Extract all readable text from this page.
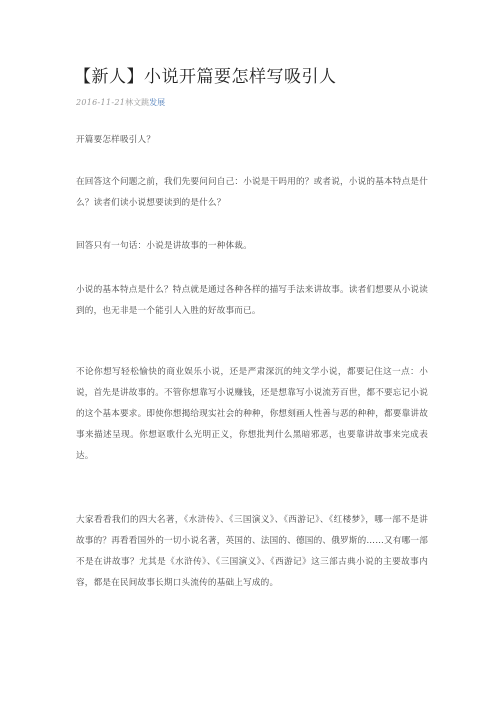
【新人】小说开篇要怎样写吸引人
2016-11-21林文跳发展

开篇要怎样吸引人？

在回答这个问题之前，我们先要问问自己：小说是干吗用的？或者说，小说的基本特点是什么？读者们读小说想要读到的是什么？

回答只有一句话：小说是讲故事的一种体裁。

小说的基本特点是什么？特点就是通过各种各样的描写手法来讲故事。读者们想要从小说读到的，也无非是一个能引人入胜的好故事而已。

不论你想写轻松愉快的商业娱乐小说，还是严肃深沉的纯文学小说，都要记住这一点：小说，首先是讲故事的。不管你想靠写小说赚钱，还是想靠写小说流芳百世，都不要忘记小说的这个基本要求。即使你想揭给现实社会的种种，你想刻画人性善与恶的种种，都要靠讲故事来描述呈现。你想讴歌什么光明正义，你想批判什么黑暗邪恶，也要靠讲故事来完成表达。

大家看看我们的四大名著，《水浒传》、《三国演义》、《西游记》、《红楼梦》，哪一部不是讲故事的？再看看国外的一切小说名著，英国的、法国的、德国的、俄罗斯的……又有哪一部不是在讲故事？尤其是《水浒传》、《三国演义》、《西游记》这三部古典小说的主要故事内容，都是在民间故事长期口头流传的基础上写成的。
